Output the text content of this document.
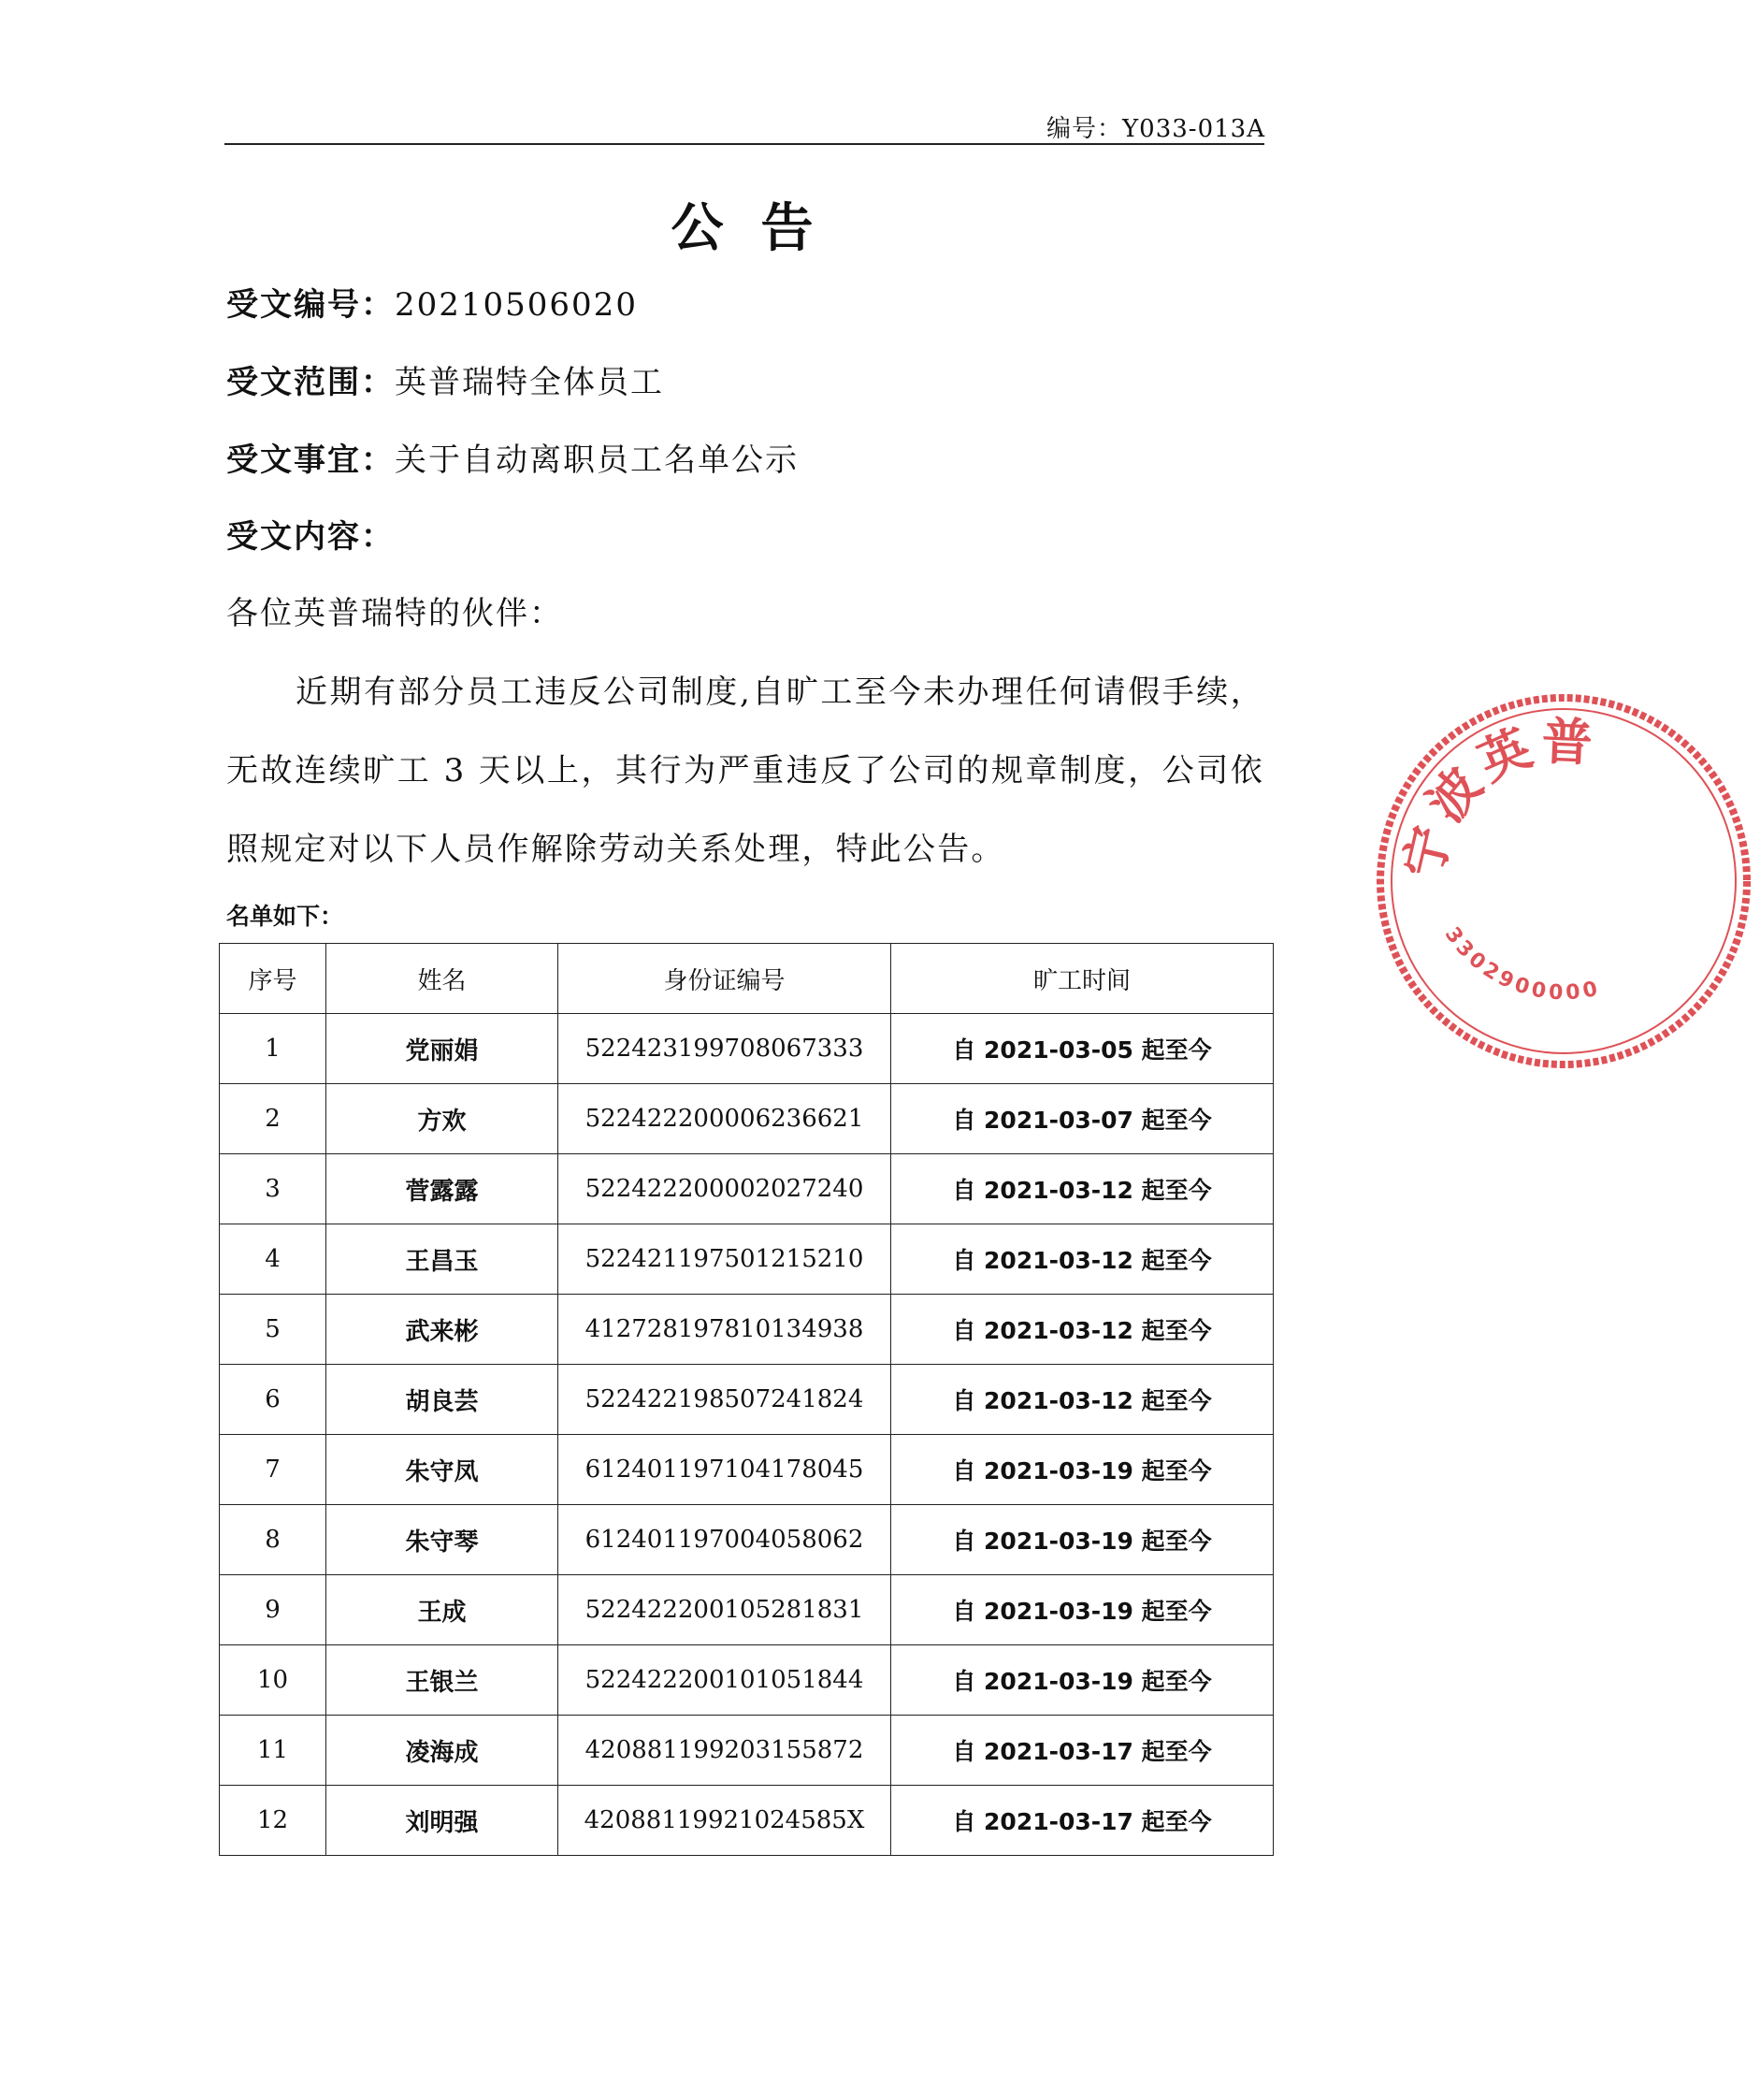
编号：Y033-013A
公告
受文编号：20210506020
受文范围：英普瑞特全体员工
受文事宜：关于自动离职员工名单公示
受文内容：
各位英普瑞特的伙伴：
近期有部分员工违反公司制度,自旷工至今未办理任何请假手续，无故连续旷工 3 天以上，其行为严重违反了公司的规章制度，公司依照规定对以下人员作解除劳动关系处理，特此公告。
名单如下：
序号	姓名	身份证编号	旷工时间
1	党丽娟	522423199708067333	自 2021-03-05 起至今
2	方欢	522422200006236621	自 2021-03-07 起至今
3	菅露露	522422200002027240	自 2021-03-12 起至今
4	王昌玉	522421197501215210	自 2021-03-12 起至今
5	武来彬	412728197810134938	自 2021-03-12 起至今
6	胡良芸	522422198507241824	自 2021-03-12 起至今
7	朱守凤	612401197104178045	自 2021-03-19 起至今
8	朱守琴	612401197004058062	自 2021-03-19 起至今
9	王成	522422200105281831	自 2021-03-19 起至今
10	王银兰	522422200101051844	自 2021-03-19 起至今
11	凌海成	420881199203155872	自 2021-03-17 起至今
12	刘明强	42088119921024585X	自 2021-03-17 起至今
宁波英普
3302900000
